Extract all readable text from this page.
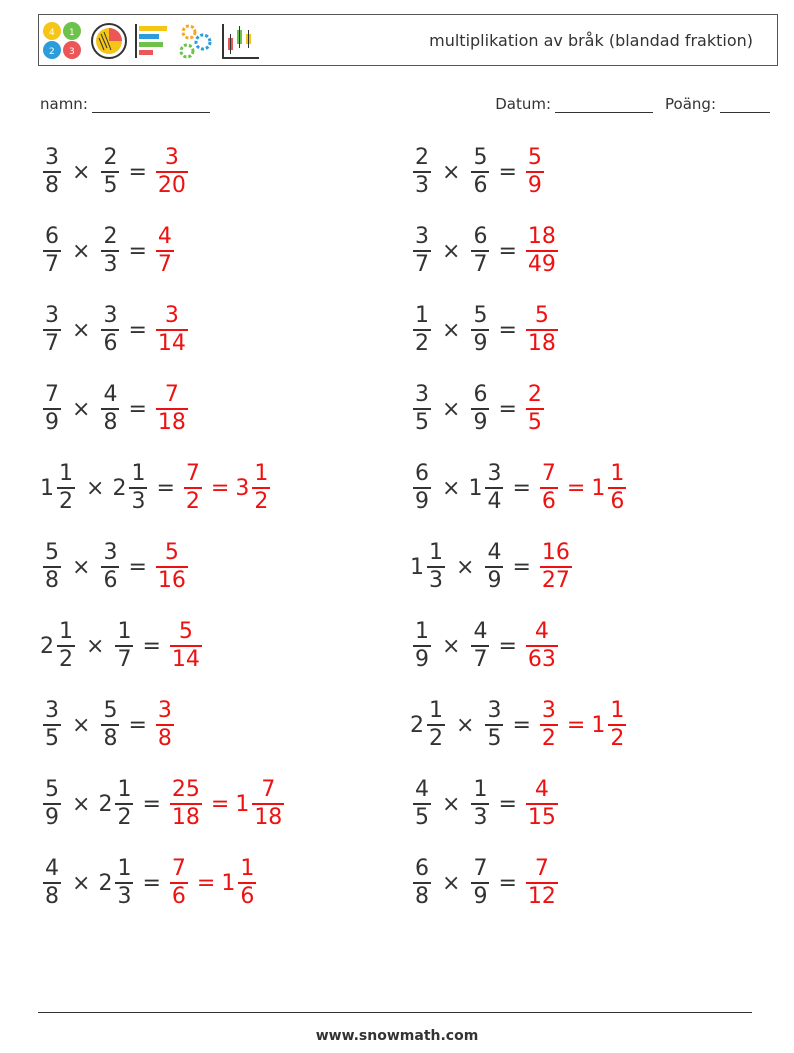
4 1
2 3
multiplikation av bråk (blandad fraktion)
namn:	Datum:	Poäng:
$\frac{3}{8} \times \frac{2}{5} = \frac{3}{20}$	$\frac{2}{3} \times \frac{5}{6} = \frac{5}{9}$
$\frac{6}{7} \times \frac{2}{3} = \frac{4}{7}$	$\frac{3}{7} \times \frac{6}{7} = \frac{18}{49}$
$\frac{3}{7} \times \frac{3}{6} = \frac{3}{14}$	$\frac{1}{2} \times \frac{5}{9} = \frac{5}{18}$
$\frac{7}{9} \times \frac{4}{8} = \frac{7}{18}$	$\frac{3}{5} \times \frac{6}{9} = \frac{2}{5}$
$1 \frac{1}{2} \times 2 \frac{1}{3} = \frac{7}{2} = 3 \frac{1}{2}$	$\frac{6}{9} \times 1 \frac{3}{4} = \frac{7}{6} = 1 \frac{1}{6}$
$\frac{5}{8} \times \frac{3}{6} = \frac{5}{16}$	$1 \frac{1}{3} \times \frac{4}{9} = \frac{16}{27}$
$2 \frac{1}{2} \times \frac{1}{7} = \frac{5}{14}$	$\frac{1}{9} \times \frac{4}{7} = \frac{4}{63}$
$\frac{3}{5} \times \frac{5}{8} = \frac{3}{8}$	$2 \frac{1}{2} \times \frac{3}{5} = \frac{3}{2} = 1 \frac{1}{2}$
$\frac{5}{9} \times 2 \frac{1}{2} = \frac{25}{18} = 1 \frac{7}{18}$	$\frac{4}{5} \times \frac{1}{3} = \frac{4}{15}$
$\frac{4}{8} \times 2 \frac{1}{3} = \frac{7}{6} = 1 \frac{1}{6}$	$\frac{6}{8} \times \frac{7}{9} = \frac{7}{12}$
www.snowmath.com
